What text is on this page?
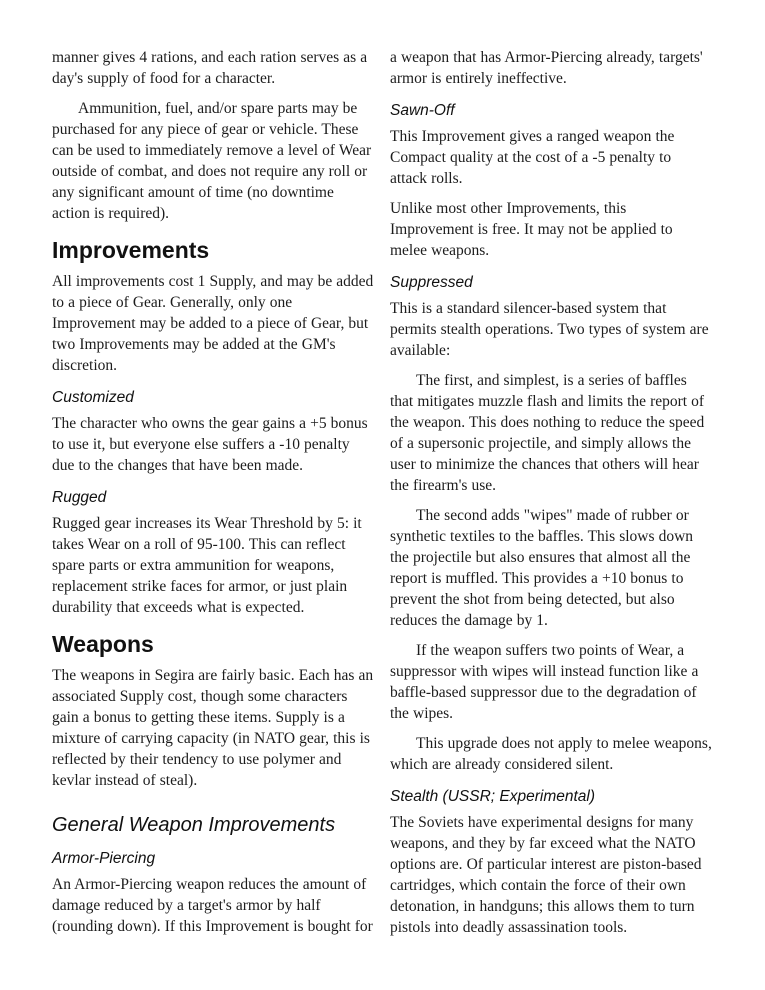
manner gives 4 rations, and each ration serves as a day's supply of food for a character.

Ammunition, fuel, and/or spare parts may be purchased for any piece of gear or vehicle. These can be used to immediately remove a level of Wear outside of combat, and does not require any roll or any significant amount of time (no downtime action is required).

Improvements

All improvements cost 1 Supply, and may be added to a piece of Gear. Generally, only one Improvement may be added to a piece of Gear, but two Improvements may be added at the GM's discretion.

Customized

The character who owns the gear gains a +5 bonus to use it, but everyone else suffers a -10 penalty due to the changes that have been made.

Rugged

Rugged gear increases its Wear Threshold by 5: it takes Wear on a roll of 95-100. This can reflect spare parts or extra ammunition for weapons, replacement strike faces for armor, or just plain durability that exceeds what is expected.

Weapons

The weapons in Segira are fairly basic. Each has an associated Supply cost, though some characters gain a bonus to getting these items. Supply is a mixture of carrying capacity (in NATO gear, this is reflected by their tendency to use polymer and kevlar instead of steal).

General Weapon Improvements
Armor-Piercing

An Armor-Piercing weapon reduces the amount of damage reduced by a target's armor by half (rounding down). If this Improvement is bought for

a weapon that has Armor-Piercing already, targets' armor is entirely ineffective.

Sawn-Off

This Improvement gives a ranged weapon the Compact quality at the cost of a -5 penalty to attack rolls.

Unlike most other Improvements, this Improvement is free. It may not be applied to melee weapons.

Suppressed

This is a standard silencer-based system that permits stealth operations. Two types of system are available:

The first, and simplest, is a series of baffles that mitigates muzzle flash and limits the report of the weapon. This does nothing to reduce the speed of a supersonic projectile, and simply allows the user to minimize the chances that others will hear the firearm's use.

The second adds "wipes" made of rubber or synthetic textiles to the baffles. This slows down the projectile but also ensures that almost all the report is muffled. This provides a +10 bonus to prevent the shot from being detected, but also reduces the damage by 1.

If the weapon suffers two points of Wear, a suppressor with wipes will instead function like a baffle-based suppressor due to the degradation of the wipes.

This upgrade does not apply to melee weapons, which are already considered silent.

Stealth (USSR; Experimental)

The Soviets have experimental designs for many weapons, and they by far exceed what the NATO options are. Of particular interest are piston-based cartridges, which contain the force of their own detonation, in handguns; this allows them to turn pistols into deadly assassination tools.
